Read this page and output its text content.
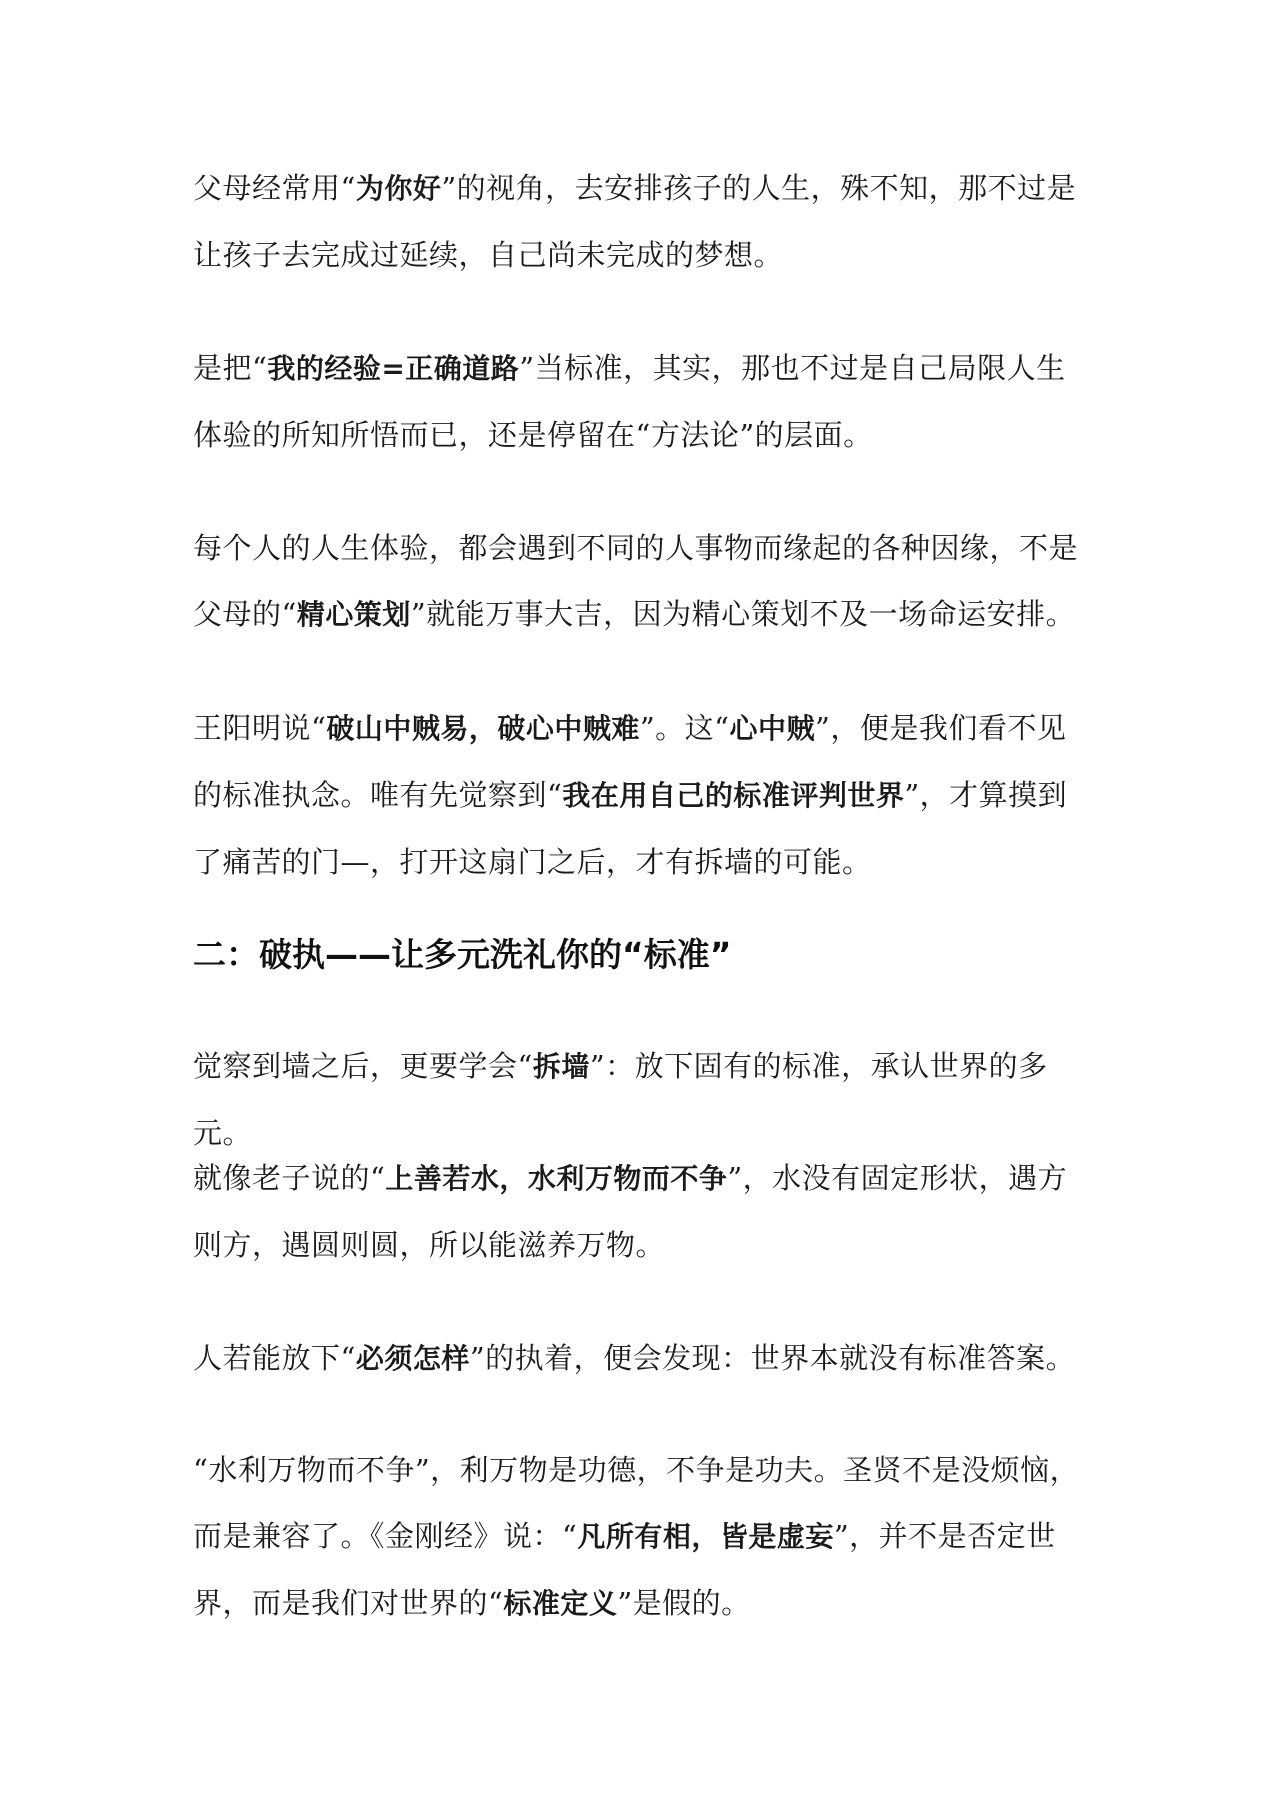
父母经常用“为你好”的视角，去安排孩子的人生，殊不知，那不过是
让孩子去完成过延续，自己尚未完成的梦想。

是把“我的经验=正确道路”当标准，其实，那也不过是自己局限人生
体验的所知所悟而已，还是停留在“方法论”的层面。

每个人的人生体验，都会遇到不同的人事物而缘起的各种因缘，不是
父母的“精心策划”就能万事大吉，因为精心策划不及一场命运安排。

王阳明说“破山中贼易，破心中贼难”。这“心中贼”，便是我们看不见
的标准执念。唯有先觉察到“我在用自己的标准评判世界”，才算摸到
了痛苦的门—，打开这扇门之后，才有拆墙的可能。

二：破执——让多元洗礼你的“标准”

觉察到墙之后，更要学会“拆墙”：放下固有的标准，承认世界的多元。

就像老子说的“上善若水，水利万物而不争”，水没有固定形状，遇方
则方，遇圆则圆，所以能滋养万物。

人若能放下“必须怎样”的执着，便会发现：世界本就没有标准答案。

“水利万物而不争”，利万物是功德，不争是功夫。圣贤不是没烦恼，
而是兼容了。《金刚经》说：“凡所有相，皆是虚妄”，并不是否定世
界，而是我们对世界的“标准定义”是假的。
